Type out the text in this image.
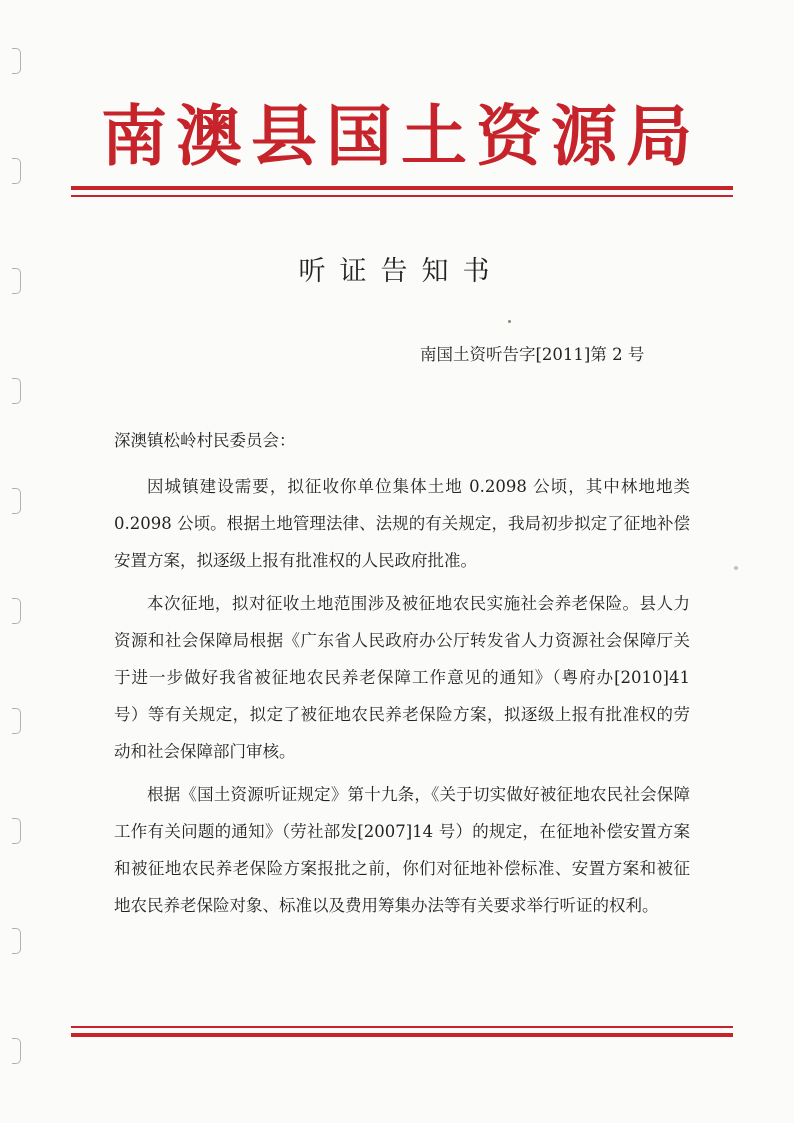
南澳县国土资源局
听证告知书
南国土资听告字[2011]第 2 号
深澳镇松岭村民委员会：

因城镇建设需要，拟征收你单位集体土地 0.2098 公顷，其中林地地类 0.2098 公顷。根据土地管理法律、法规的有关规定，我局初步拟定了征地补偿安置方案，拟逐级上报有批准权的人民政府批准。

本次征地，拟对征收土地范围涉及被征地农民实施社会养老保险。县人力资源和社会保障局根据《广东省人民政府办公厅转发省人力资源社会保障厅关于进一步做好我省被征地农民养老保障工作意见的通知》（粤府办[2010]41 号）等有关规定，拟定了被征地农民养老保险方案，拟逐级上报有批准权的劳动和社会保障部门审核。

根据《国土资源听证规定》第十九条，《关于切实做好被征地农民社会保障工作有关问题的通知》（劳社部发[2007]14 号）的规定，在征地补偿安置方案和被征地农民养老保险方案报批之前，你们对征地补偿标准、安置方案和被征地农民养老保险对象、标准以及费用筹集办法等有关要求举行听证的权利。
